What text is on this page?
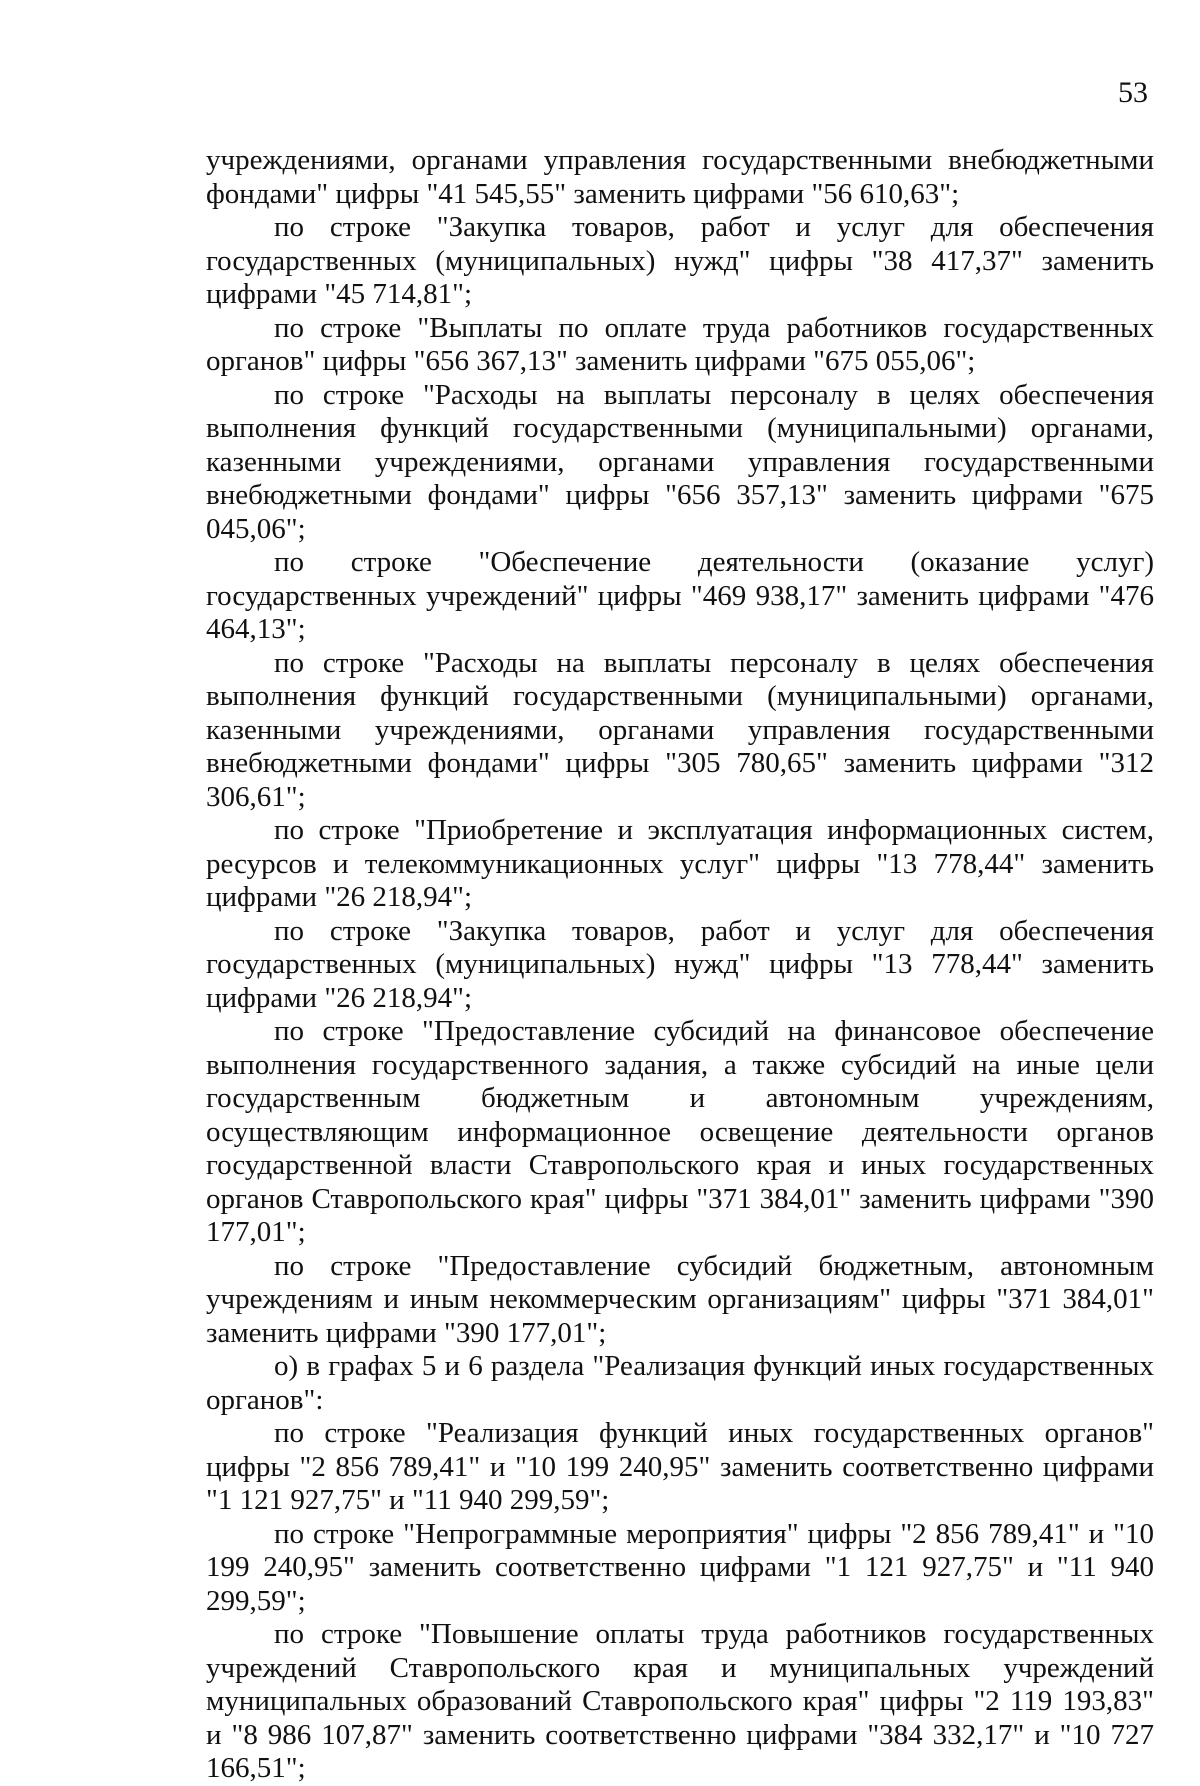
53

учреждениями, органами управления государственными внебюджетными фондами" цифры "41 545,55" заменить цифрами "56 610,63";

по строке "Закупка товаров, работ и услуг для обеспечения государственных (муниципальных) нужд" цифры "38 417,37" заменить цифрами "45 714,81";

по строке "Выплаты по оплате труда работников государственных органов" цифры "656 367,13" заменить цифрами "675 055,06";

по строке "Расходы на выплаты персоналу в целях обеспечения выполнения функций государственными (муниципальными) органами, казенными учреждениями, органами управления государственными внебюджетными фондами" цифры "656 357,13" заменить цифрами "675 045,06";

по строке "Обеспечение деятельности (оказание услуг) государственных учреждений" цифры "469 938,17" заменить цифрами "476 464,13";

по строке "Расходы на выплаты персоналу в целях обеспечения выполнения функций государственными (муниципальными) органами, казенными учреждениями, органами управления государственными внебюджетными фондами" цифры "305 780,65" заменить цифрами "312 306,61";

по строке "Приобретение и эксплуатация информационных систем, ресурсов и телекоммуникационных услуг" цифры "13 778,44" заменить цифрами "26 218,94";

по строке "Закупка товаров, работ и услуг для обеспечения государственных (муниципальных) нужд" цифры "13 778,44" заменить цифрами "26 218,94";

по строке "Предоставление субсидий на финансовое обеспечение выполнения государственного задания, а также субсидий на иные цели государственным бюджетным и автономным учреждениям, осуществляющим информационное освещение деятельности органов государственной власти Ставропольского края и иных государственных органов Ставропольского края" цифры "371 384,01" заменить цифрами "390 177,01";

по строке "Предоставление субсидий бюджетным, автономным учреждениям и иным некоммерческим организациям" цифры "371 384,01" заменить цифрами "390 177,01";

о) в графах 5 и 6 раздела "Реализация функций иных государственных органов":

по строке "Реализация функций иных государственных органов" цифры "2 856 789,41" и "10 199 240,95" заменить соответственно цифрами "1 121 927,75" и "11 940 299,59";

по строке "Непрограммные мероприятия" цифры "2 856 789,41" и "10 199 240,95" заменить соответственно цифрами "1 121 927,75" и "11 940 299,59";

по строке "Повышение оплаты труда работников государственных учреждений Ставропольского края и муниципальных учреждений муниципальных образований Ставропольского края" цифры "2 119 193,83" и "8 986 107,87" заменить соответственно цифрами "384 332,17" и "10 727 166,51";
